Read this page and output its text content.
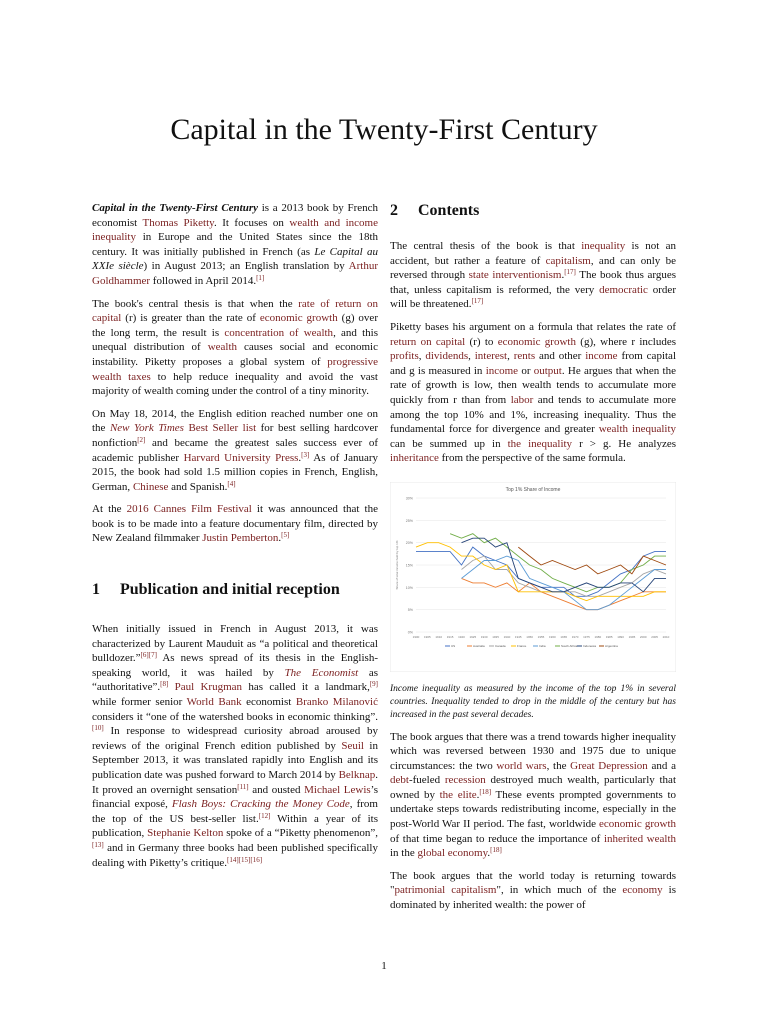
Capital in the Twenty-First Century

Capital in the Twenty-First Century is a 2013 book by French economist Thomas Piketty. It focuses on wealth and income inequality in Europe and the United States since the 18th century. It was initially published in French (as Le Capital au XXIe siècle) in August 2013; an English translation by Arthur Goldhammer followed in April 2014.[1]

The book's central thesis is that when the rate of return on capital (r) is greater than the rate of economic growth (g) over the long term, the result is concentration of wealth, and this unequal distribution of wealth causes social and economic instability. Piketty proposes a global system of progressive wealth taxes to help reduce inequality and avoid the vast majority of wealth coming under the control of a tiny minority.

On May 18, 2014, the English edition reached number one on the New York Times Best Seller list for best selling hardcover nonfiction[2] and became the greatest sales success ever of academic publisher Harvard University Press.[3] As of January 2015, the book had sold 1.5 million copies in French, English, German, Chinese and Spanish.[4]

At the 2016 Cannes Film Festival it was announced that the book is to be made into a feature documentary film, directed by New Zealand filmmaker Justin Pemberton.[5]

1 Publication and initial reception

When initially issued in French in August 2013, it was characterized by Laurent Mauduit as “a political and theoretical bulldozer.”[6][7] As news spread of its thesis in the English-speaking world, it was hailed by The Economist as “authoritative”.[8] Paul Krugman has called it a landmark,[9] while former senior World Bank economist Branko Milanović considers it “one of the watershed books in economic thinking”.[10] In response to widespread curiosity abroad aroused by reviews of the original French edition published by Seuil in September 2013, it was translated rapidly into English and its publication date was pushed forward to March 2014 by Belknap. It proved an overnight sensation[11] and ousted Michael Lewis’s financial exposé, Flash Boys: Cracking the Money Code, from the top of the US best-seller list.[12] Within a year of its publication, Stephanie Kelton spoke of a “Piketty phenomenon”,[13] and in Germany three books had been published specifically dealing with Piketty’s critique.[14][15][16]

2 Contents

The central thesis of the book is that inequality is not an accident, but rather a feature of capitalism, and can only be reversed through state interventionism.[17] The book thus argues that, unless capitalism is reformed, the very democratic order will be threatened.[17]

Piketty bases his argument on a formula that relates the rate of return on capital (r) to economic growth (g), where r includes profits, dividends, interest, rents and other income from capital and g is measured in income or output. He argues that when the rate of growth is low, then wealth tends to accumulate more quickly from r than from labor and tends to accumulate more among the top 10% and 1%, increasing inequality. Thus the fundamental force for divergence and greater wealth inequality can be summed up in the inequality r > g. He analyzes inheritance from the perspective of the same formula.

Top 1% Share of Income
0%
5%
10%
15%
20%
25%
30%
1900 1905 1910 1915 1920 1925 1930 1935 1940 1945 1950 1955 1960 1965 1970 1975 1980 1985 1990 1995 2000 2005 2010
Share of total income held by top 1%
US	Australia	Canada	France	India	South Africa Indonesia	Argentina

Income inequality as measured by the income of the top 1% in several countries. Inequality tended to drop in the middle of the century but has increased in the past several decades.

The book argues that there was a trend towards higher inequality which was reversed between 1930 and 1975 due to unique circumstances: the two world wars, the Great Depression and a debt-fueled recession destroyed much wealth, particularly that owned by the elite.[18] These events prompted governments to undertake steps towards redistributing income, especially in the post-World War II period. The fast, worldwide economic growth of that time began to reduce the importance of inherited wealth in the global economy.[18]

The book argues that the world today is returning towards "patrimonial capitalism", in which much of the economy is dominated by inherited wealth: the power of

1
